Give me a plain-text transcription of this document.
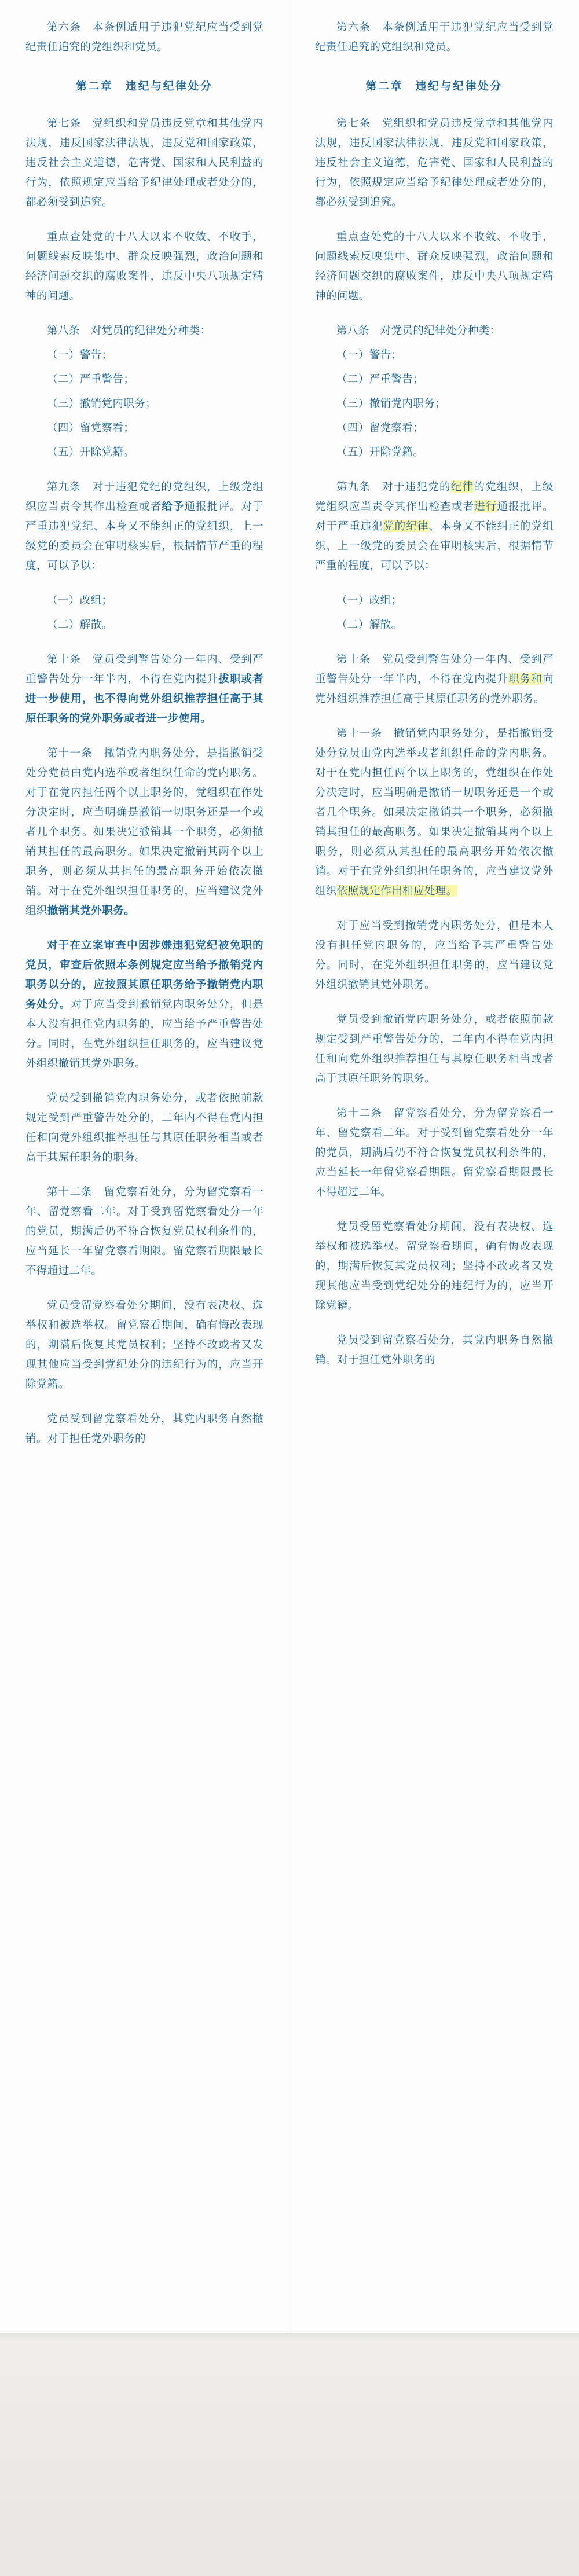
第六条　本条例适用于违犯党纪应当受到党纪责任追究的党组织和党员。

第二章　违纪与纪律处分

第七条　党组织和党员违反党章和其他党内法规，违反国家法律法规，违反党和国家政策，违反社会主义道德，危害党、国家和人民利益的行为，依照规定应当给予纪律处理或者处分的，都必须受到追究。

重点查处党的十八大以来不收敛、不收手，问题线索反映集中、群众反映强烈，政治问题和经济问题交织的腐败案件，违反中央八项规定精神的问题。

第八条　对党员的纪律处分种类：

（一）警告；

（二）严重警告；

（三）撤销党内职务；

（四）留党察看；

（五）开除党籍。

第九条　对于违犯党纪的党组织，上级党组织应当责令其作出检查或者给予通报批评。对于严重违犯党纪、本身又不能纠正的党组织，上一级党的委员会在审明核实后，根据情节严重的程度，可以予以：

（一）改组；

（二）解散。

第十条　党员受到警告处分一年内、受到严重警告处分一年半内，不得在党内提升拔职或者进一步使用，也不得向党外组织推荐担任高于其原任职务的党外职务或者进一步使用。

第十一条　撤销党内职务处分，是指撤销受处分党员由党内选举或者组织任命的党内职务。对于在党内担任两个以上职务的，党组织在作处分决定时，应当明确是撤销一切职务还是一个或者几个职务。如果决定撤销其一个职务，必须撤销其担任的最高职务。如果决定撤销其两个以上职务，则必须从其担任的最高职务开始依次撤销。对于在党外组织担任职务的，应当建议党外组织撤销其党外职务。

对于在立案审查中因涉嫌违犯党纪被免职的党员，审查后依照本条例规定应当给予撤销党内职务以分的，应按照其原任职务给予撤销党内职务处分。对于应当受到撤销党内职务处分，但是本人没有担任党内职务的，应当给予严重警告处分。同时，在党外组织担任职务的，应当建议党外组织撤销其党外职务。

党员受到撤销党内职务处分，或者依照前款规定受到严重警告处分的，二年内不得在党内担任和向党外组织推荐担任与其原任职务相当或者高于其原任职务的职务。

第十二条　留党察看处分，分为留党察看一年、留党察看二年。对于受到留党察看处分一年的党员，期满后仍不符合恢复党员权利条件的，应当延长一年留党察看期限。留党察看期限最长不得超过二年。

党员受留党察看处分期间，没有表决权、选举权和被选举权。留党察看期间，确有悔改表现的，期满后恢复其党员权利；坚持不改或者又发现其他应当受到党纪处分的违纪行为的，应当开除党籍。

党员受到留党察看处分，其党内职务自然撤销。对于担任党外职务的

第六条　本条例适用于违犯党纪应当受到党纪责任追究的党组织和党员。

第二章　违纪与纪律处分

第七条　党组织和党员违反党章和其他党内法规，违反国家法律法规，违反党和国家政策，违反社会主义道德，危害党、国家和人民利益的行为，依照规定应当给予纪律处理或者处分的，都必须受到追究。

重点查处党的十八大以来不收敛、不收手，问题线索反映集中、群众反映强烈，政治问题和经济问题交织的腐败案件，违反中央八项规定精神的问题。

第八条　对党员的纪律处分种类：

（一）警告；

（二）严重警告；

（三）撤销党内职务；

（四）留党察看；

（五）开除党籍。

第九条　对于违犯党的纪律的党组织，上级党组织应当责令其作出检查或者进行通报批评。对于严重违犯党的纪律、本身又不能纠正的党组织，上一级党的委员会在审明核实后，根据情节严重的程度，可以予以：

（一）改组；

（二）解散。

第十条　党员受到警告处分一年内、受到严重警告处分一年半内，不得在党内提升职务和向党外组织推荐担任高于其原任职务的党外职务。

第十一条　撤销党内职务处分，是指撤销受处分党员由党内选举或者组织任命的党内职务。对于在党内担任两个以上职务的，党组织在作处分决定时，应当明确是撤销一切职务还是一个或者几个职务。如果决定撤销其一个职务，必须撤销其担任的最高职务。如果决定撤销其两个以上职务，则必须从其担任的最高职务开始依次撤销。对于在党外组织担任职务的，应当建议党外组织依照规定作出相应处理。

对于应当受到撤销党内职务处分，但是本人没有担任党内职务的，应当给予其严重警告处分。同时，在党外组织担任职务的，应当建议党外组织撤销其党外职务。

党员受到撤销党内职务处分，或者依照前款规定受到严重警告处分的，二年内不得在党内担任和向党外组织推荐担任与其原任职务相当或者高于其原任职务的职务。

第十二条　留党察看处分，分为留党察看一年、留党察看二年。对于受到留党察看处分一年的党员，期满后仍不符合恢复党员权利条件的，应当延长一年留党察看期限。留党察看期限最长不得超过二年。

党员受留党察看处分期间，没有表决权、选举权和被选举权。留党察看期间，确有悔改表现的，期满后恢复其党员权利；坚持不改或者又发现其他应当受到党纪处分的违纪行为的，应当开除党籍。

党员受到留党察看处分，其党内职务自然撤销。对于担任党外职务的
